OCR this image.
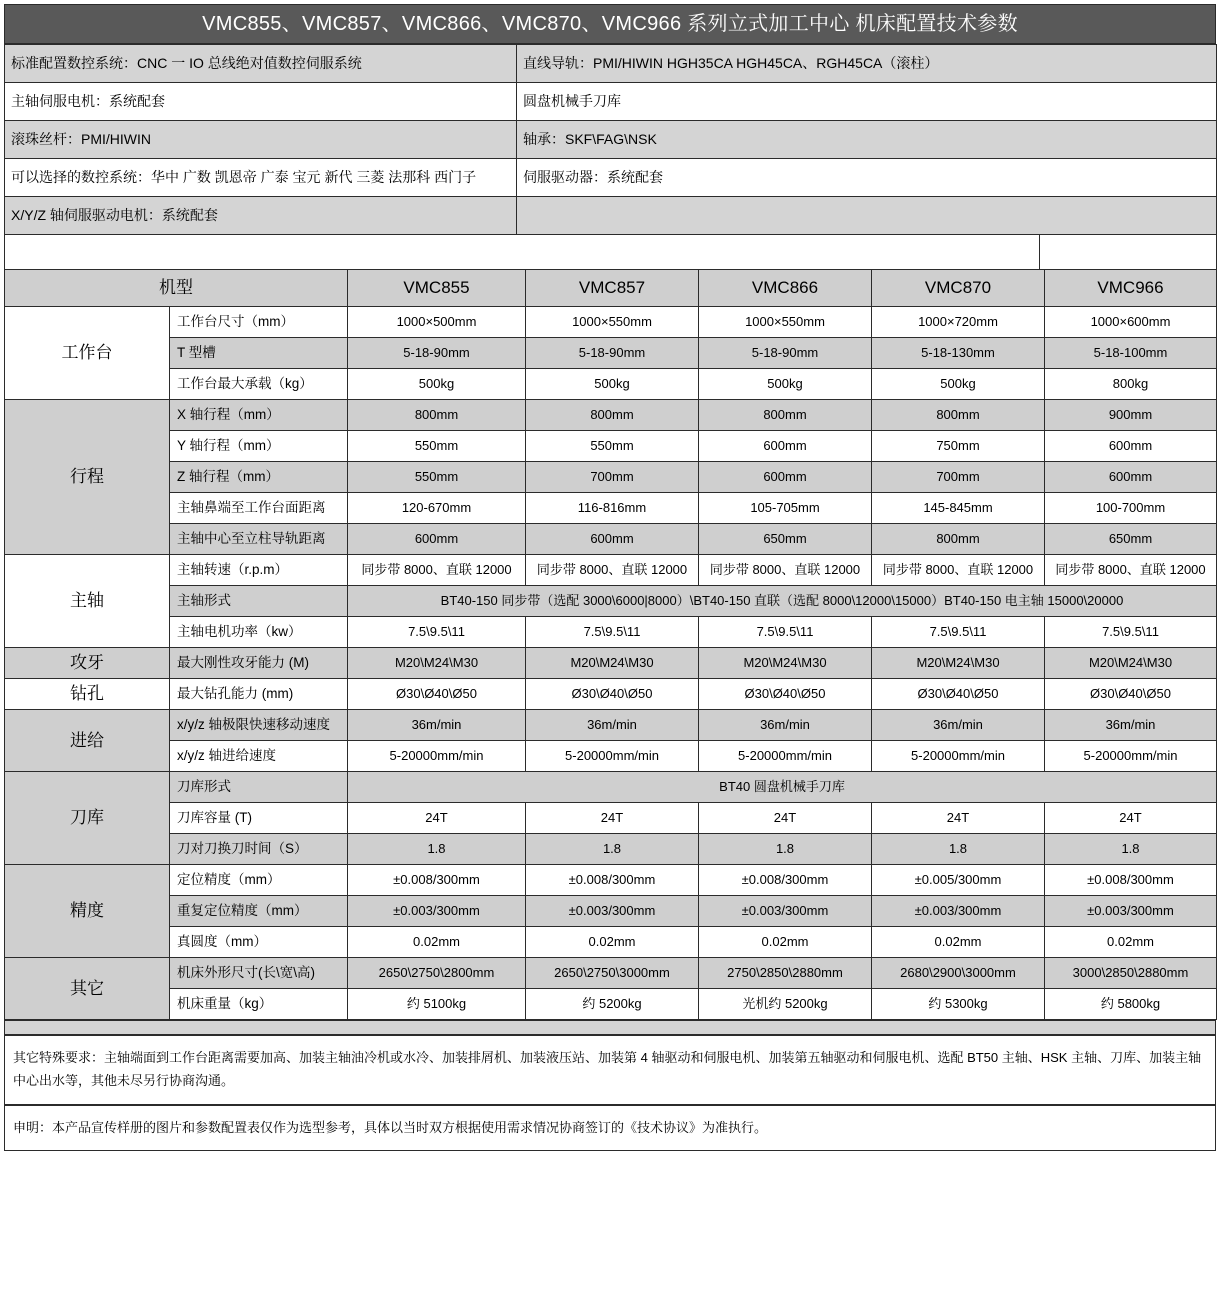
VMC855、VMC857、VMC866、VMC870、VMC966 系列立式加工中心 机床配置技术参数
标准配置数控系统：CNC 一 IO 总线绝对值数控伺服系统	直线导轨：PMI/HIWIN HGH35CA HGH45CA、RGH45CA（滚柱）
主轴伺服电机：系统配套	圆盘机械手刀库
滚珠丝杆：PMI/HIWIN	轴承：SKF\FAG\NSK
可以选择的数控系统：华中 广数 凯恩帝 广泰 宝元 新代 三菱 法那科 西门子	伺服驱动器：系统配套
X/Y/Z 轴伺服驱动电机：系统配套	

机型		VMC855	VMC857	VMC866	VMC870	VMC966
工作台	工作台尺寸（mm）	1000×500mm	1000×550mm	1000×550mm	1000×720mm	1000×600mm
	T 型槽	5-18-90mm	5-18-90mm	5-18-90mm	5-18-130mm	5-18-100mm
	工作台最大承载（kg）	500kg	500kg	500kg	500kg	800kg
行程	X 轴行程（mm）	800mm	800mm	800mm	800mm	900mm
	Y 轴行程（mm）	550mm	550mm	600mm	750mm	600mm
	Z 轴行程（mm）	550mm	700mm	600mm	700mm	600mm
	主轴鼻端至工作台面距离	120-670mm	116-816mm	105-705mm	145-845mm	100-700mm
	主轴中心至立柱导轨距离	600mm	600mm	650mm	800mm	650mm
主轴	主轴转速（r.p.m）	同步带 8000、直联 12000	同步带 8000、直联 12000	同步带 8000、直联 12000	同步带 8000、直联 12000	同步带 8000、直联 12000
	主轴形式	BT40-150 同步带（选配 3000\6000|8000）\BT40-150 直联（选配 8000\12000\15000）BT40-150 电主轴 15000\20000				
	主轴电机功率（kw）	7.5\9.5\11	7.5\9.5\11	7.5\9.5\11	7.5\9.5\11	7.5\9.5\11
攻牙	最大刚性攻牙能力 (M)	M20\M24\M30	M20\M24\M30	M20\M24\M30	M20\M24\M30	M20\M24\M30
钻孔	最大钻孔能力 (mm)	Ø30\Ø40\Ø50	Ø30\Ø40\Ø50	Ø30\Ø40\Ø50	Ø30\Ø40\Ø50	Ø30\Ø40\Ø50
进给	x/y/z 轴极限快速移动速度	36m/min	36m/min	36m/min	36m/min	36m/min
	x/y/z 轴进给速度	5-20000mm/min	5-20000mm/min	5-20000mm/min	5-20000mm/min	5-20000mm/min
刀库	刀库形式	BT40 圆盘机械手刀库				
	刀库容量 (T)	24T	24T	24T	24T	24T
	刀对刀换刀时间（S）	1.8	1.8	1.8	1.8	1.8
精度	定位精度（mm）	±0.008/300mm	±0.008/300mm	±0.008/300mm	±0.005/300mm	±0.008/300mm
	重复定位精度（mm）	±0.003/300mm	±0.003/300mm	±0.003/300mm	±0.003/300mm	±0.003/300mm
	真圆度（mm）	0.02mm	0.02mm	0.02mm	0.02mm	0.02mm
其它	机床外形尺寸(长\宽\高)	2650\2750\2800mm	2650\2750\3000mm	2750\2850\2880mm	2680\2900\3000mm	3000\2850\2880mm
	机床重量（kg）	约 5100kg	约 5200kg	光机约 5200kg	约 5300kg	约 5800kg
其它特殊要求：主轴端面到工作台距离需要加高、加装主轴油冷机或水冷、加装排屑机、加装液压站、加装第 4 轴驱动和伺服电机、加装第五轴驱动和伺服电机、选配 BT50 主轴、HSK 主轴、刀库、加装主轴中心出水等，其他未尽另行协商沟通。
申明：本产品宣传样册的图片和参数配置表仅作为选型参考，具体以当时双方根据使用需求情况协商签订的《技术协议》为准执行。
